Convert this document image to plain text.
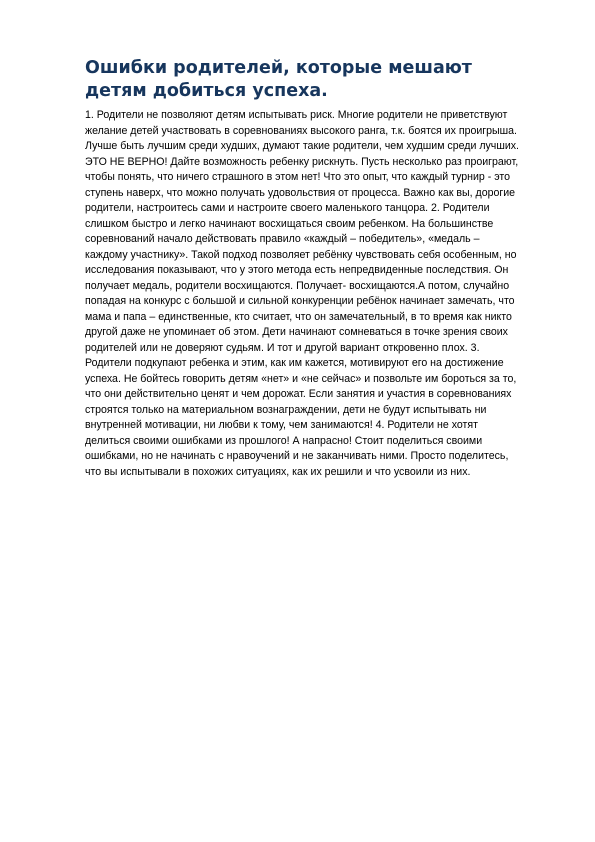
Ошибки родителей, которые мешают детям добиться успеха.

1. Родители не позволяют детям испытывать риск. Многие родители не приветствуют желание детей участвовать в соревнованиях высокого ранга, т.к. боятся их проигрыша. Лучше быть лучшим среди худших, думают такие родители, чем худшим среди лучших. ЭТО НЕ ВЕРНО! Дайте возможность ребенку рискнуть. Пусть несколько раз проиграют, чтобы понять, что ничего страшного в этом нет! Что это опыт, что каждый турнир - это ступень наверх, что можно получать удовольствия от процесса. Важно как вы, дорогие родители, настроитесь сами и настроите своего маленького танцора. 2. Родители слишком быстро и легко начинают восхищаться своим ребенком. На большинстве соревнований начало действовать правило «каждый – победитель», «медаль – каждому участнику». Такой подход позволяет ребёнку чувствовать себя особенным, но исследования показывают, что у этого метода есть непредвиденные последствия. Он получает медаль, родители восхищаются. Получает- восхищаются.А потом, случайно попадая на конкурс с большой и сильной конкуренции ребёнок начинает замечать, что мама и папа – единственные, кто считает, что он замечательный, в то время как никто другой даже не упоминает об этом. Дети начинают сомневаться в точке зрения своих родителей или не доверяют судьям. И тот и другой вариант откровенно плох. 3. Родители подкупают ребенка и этим, как им кажется, мотивируют его на достижение успеха. Не бойтесь говорить детям «нет» и «не сейчас» и позвольте им бороться за то, что они действительно ценят и чем дорожат. Если занятия и участия в соревнованиях строятся только на материальном вознаграждении, дети не будут испытывать ни внутренней мотивации, ни любви к тому, чем занимаются! 4. Родители не хотят делиться своими ошибками из прошлого! А напрасно! Стоит поделиться своими ошибками, но не начинать с нравоучений и не заканчивать ними. Просто поделитесь, что вы испытывали в похожих ситуациях, как их решили и что усвоили из них.
